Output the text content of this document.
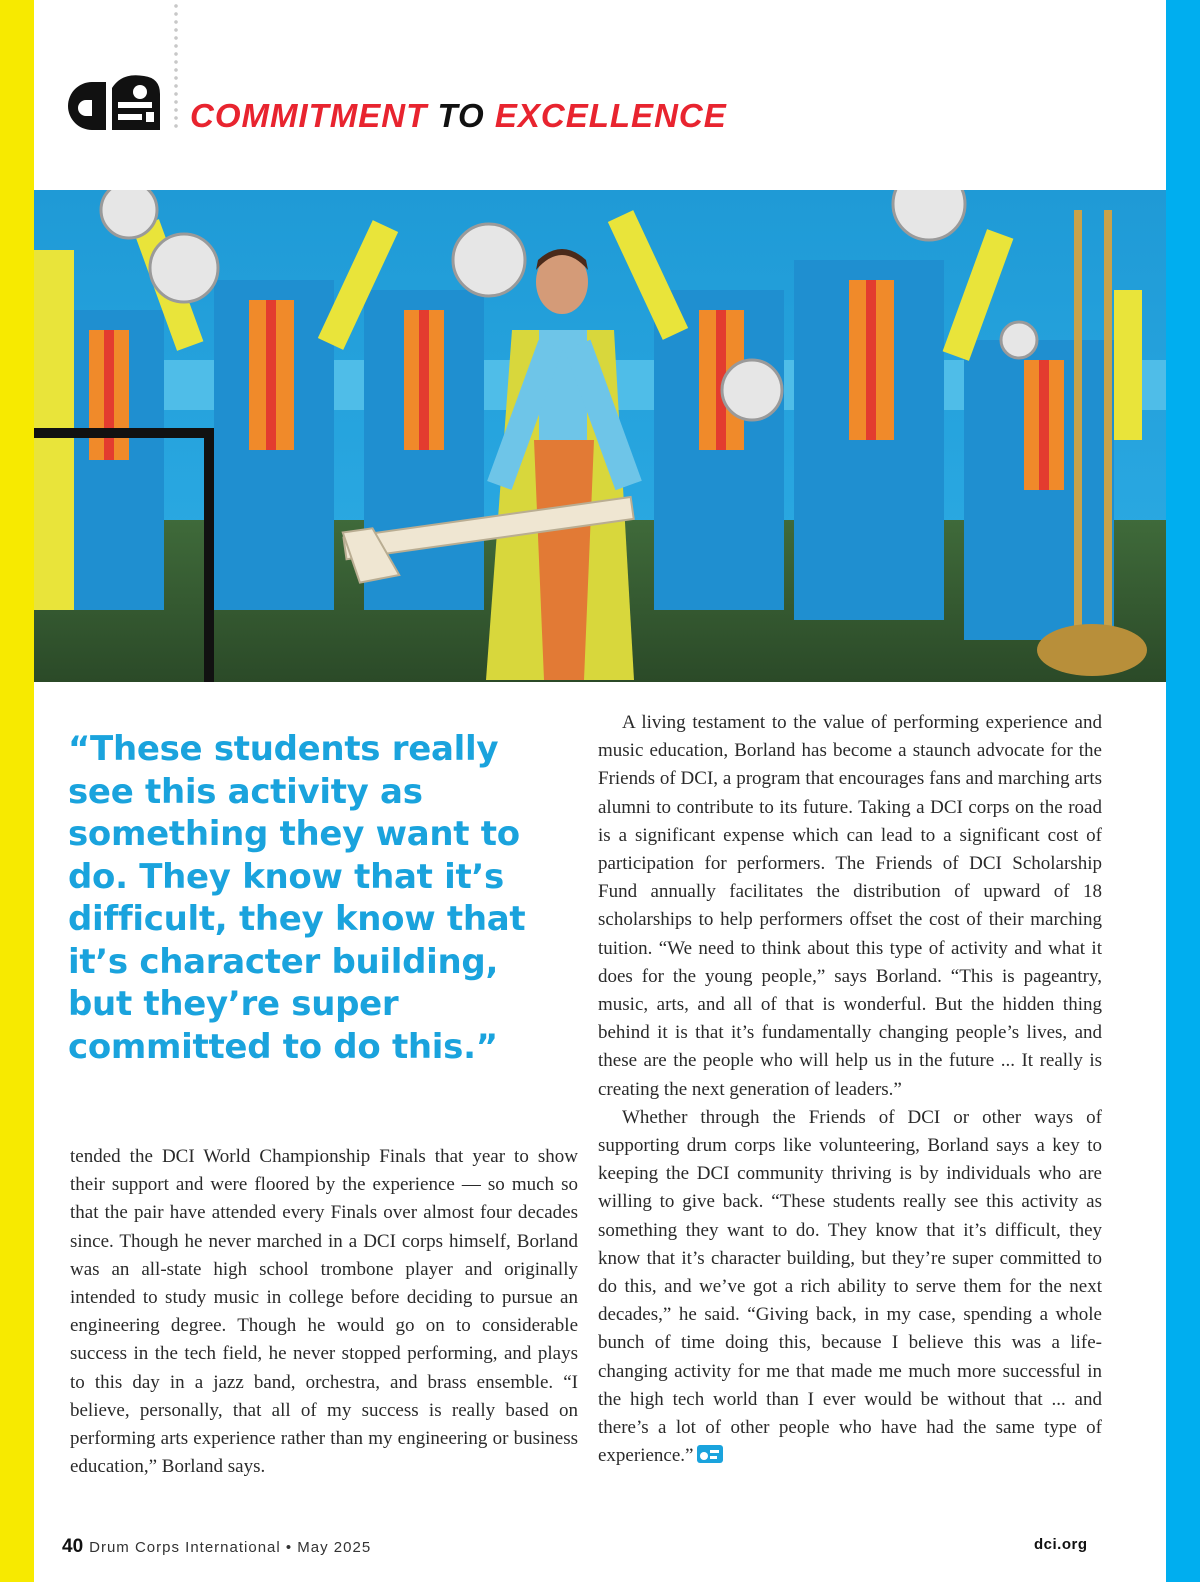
COMMITMENT TO EXCELLENCE
“These students really see this activity as something they want to do. They know that it’s difficult, they know that it’s character building, but they’re super committed to do this.”

tended the DCI World Championship Finals that year to show their support and were floored by the experience — so much so that the pair have attended every Finals over almost four decades since. Though he never marched in a DCI corps himself, Borland was an all-state high school trombone player and originally intended to study music in college before deciding to pursue an engineering degree. Though he would go on to considerable success in the tech field, he never stopped performing, and plays to this day in a jazz band, orchestra, and brass ensemble. “I believe, personally, that all of my success is really based on performing arts experience rather than my engineering or business education,” Borland says.

A living testament to the value of performing experience and music education, Borland has become a staunch advocate for the Friends of DCI, a program that encourages fans and marching arts alumni to contribute to its future. Taking a DCI corps on the road is a significant expense which can lead to a significant cost of participation for performers. The Friends of DCI Scholarship Fund annually facilitates the distribution of upward of 18 scholarships to help performers offset the cost of their marching tuition. “We need to think about this type of activity and what it does for the young people,” says Borland. “This is pageantry, music, arts, and all of that is wonderful. But the hidden thing behind it is that it’s fundamentally changing people’s lives, and these are the people who will help us in the future ... It really is creating the next generation of leaders.”

Whether through the Friends of DCI or other ways of supporting drum corps like volunteering, Borland says a key to keeping the DCI community thriving is by individuals who are willing to give back. “These students really see this activity as something they want to do. They know that it’s difficult, they know that it’s character building, but they’re super committed to do this, and we’ve got a rich ability to serve them for the next decades,” he said. “Giving back, in my case, spending a whole bunch of time doing this, because I believe this was a life-changing activity for me that made me much more successful in the high tech world than I ever would be without that ... and there’s a lot of other people who have had the same type of experience.”

40 Drum Corps International • May 2025	dci.org
